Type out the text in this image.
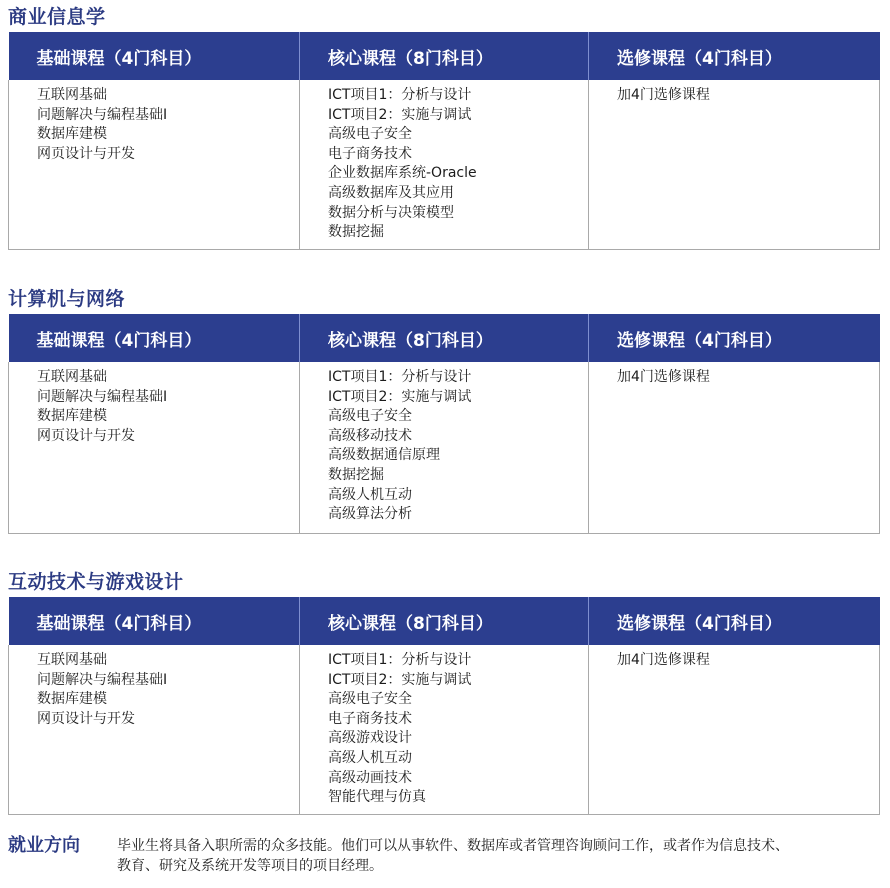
商业信息学
基础课程（4门科目）	核心课程（8门科目）	选修课程（4门科目）

互联网基础
问题解决与编程基础I
数据库建模
网页设计与开发

ICT项目1：分析与设计
ICT项目2：实施与调试
高级电子安全
电子商务技术
企业数据库系统-Oracle
高级数据库及其应用
数据分析与决策模型
数据挖掘

加4门选修课程
计算机与网络
基础课程（4门科目）	核心课程（8门科目）	选修课程（4门科目）

互联网基础
问题解决与编程基础I
数据库建模
网页设计与开发

ICT项目1：分析与设计
ICT项目2：实施与调试
高级电子安全
高级移动技术
高级数据通信原理
数据挖掘
高级人机互动
高级算法分析

加4门选修课程
互动技术与游戏设计
基础课程（4门科目）	核心课程（8门科目）	选修课程（4门科目）

互联网基础
问题解决与编程基础I
数据库建模
网页设计与开发

ICT项目1：分析与设计
ICT项目2：实施与调试
高级电子安全
电子商务技术
高级游戏设计
高级人机互动
高级动画技术
智能代理与仿真

加4门选修课程
就业方向	毕业生将具备入职所需的众多技能。他们可以从事软件、数据库或者管理咨询顾问工作，或者作为信息技术、
教育、研究及系统开发等项目的项目经理。
